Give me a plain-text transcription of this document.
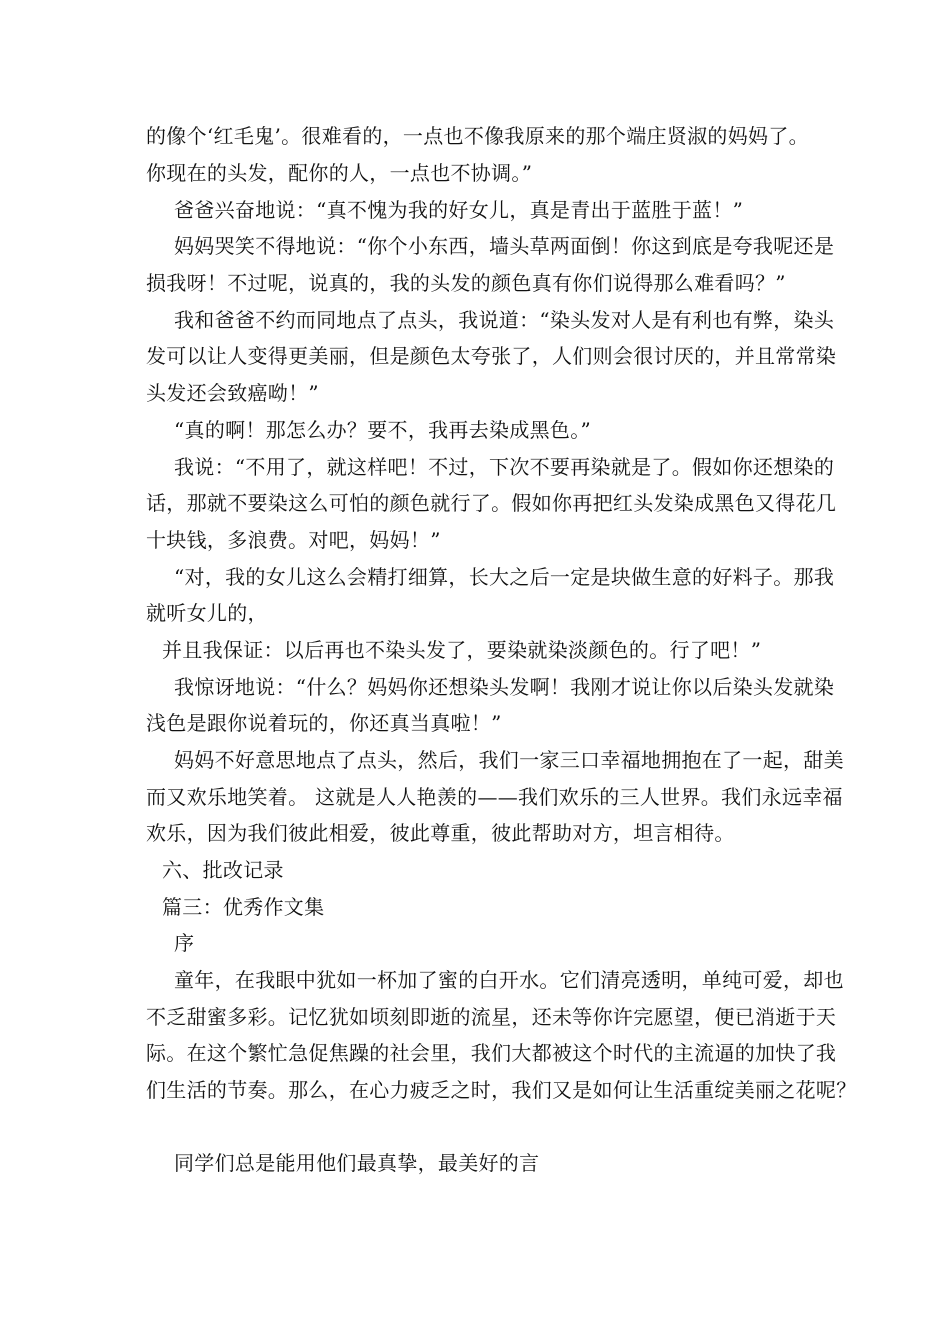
的像个‘红毛鬼’。很难看的，一点也不像我原来的那个端庄贤淑的妈妈了。
你现在的头发，配你的人，一点也不协调。”
爸爸兴奋地说：“真不愧为我的好女儿，真是青出于蓝胜于蓝！”
妈妈哭笑不得地说：“你个小东西，墙头草两面倒！你这到底是夸我呢还是
损我呀！不过呢，说真的，我的头发的颜色真有你们说得那么难看吗？”
我和爸爸不约而同地点了点头，我说道：“染头发对人是有利也有弊，染头
发可以让人变得更美丽，但是颜色太夸张了，人们则会很讨厌的，并且常常染
头发还会致癌呦！”
“真的啊！那怎么办？要不，我再去染成黑色。”
我说：“不用了，就这样吧！不过，下次不要再染就是了。假如你还想染的
话，那就不要染这么可怕的颜色就行了。假如你再把红头发染成黑色又得花几
十块钱，多浪费。对吧，妈妈！”
“对，我的女儿这么会精打细算，长大之后一定是块做生意的好料子。那我
就听女儿的，
并且我保证：以后再也不染头发了，要染就染淡颜色的。行了吧！”
我惊讶地说：“什么？妈妈你还想染头发啊！我刚才说让你以后染头发就染
浅色是跟你说着玩的，你还真当真啦！”
妈妈不好意思地点了点头，然后，我们一家三口幸福地拥抱在了一起，甜美
而又欢乐地笑着。 这就是人人艳羡的——我们欢乐的三人世界。我们永远幸福
欢乐，因为我们彼此相爱，彼此尊重，彼此帮助对方，坦言相待。
六、批改记录
篇三：优秀作文集
序
童年，在我眼中犹如一杯加了蜜的白开水。它们清亮透明，单纯可爱，却也
不乏甜蜜多彩。记忆犹如顷刻即逝的流星，还未等你许完愿望，便已消逝于天
际。在这个繁忙急促焦躁的社会里，我们大都被这个时代的主流逼的加快了我
们生活的节奏。那么，在心力疲乏之时，我们又是如何让生活重绽美丽之花呢？
同学们总是能用他们最真挚，最美好的言
